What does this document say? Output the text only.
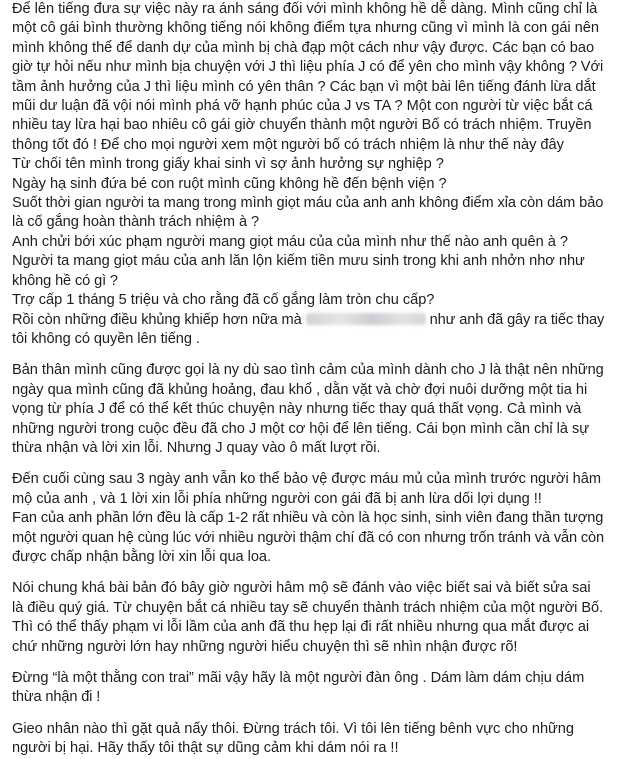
Để lên tiếng đưa sự việc này ra ánh sáng đối với mình không hề dễ dàng. Mình cũng chỉ là
một cô gái bình thường không tiếng nói không điểm tựa nhưng cũng vì mình là con gái nên
mình không thể để danh dự của mình bị chà đạp một cách như vậy được. Các bạn có bao
giờ tự hỏi nếu như mình bịa chuyện với J thì liệu phía J có để yên cho mình vậy không ? Với
tầm ảnh hưởng của J thì liệu mình có yên thân ? Các bạn vì một bài lên tiếng đánh lừa dắt
mũi dư luận đã vội nói mình phá vỡ hạnh phúc của J vs TA ? Một con người từ việc bắt cá
nhiều tay lừa hại bao nhiêu cô gái giờ chuyển thành một người Bố có trách nhiệm. Truyền
thông tốt đó ! Để cho mọi người xem một người bố có trách nhiệm là như thế này đây
Từ chối tên mình trong giấy khai sinh vì sợ ảnh hưởng sự nghiệp ?
Ngày hạ sinh đứa bé con ruột mình cũng không hề đến bệnh viện ?
Suốt thời gian người ta mang trong mình giọt máu của anh anh không điểm xỉa còn dám bảo
là cố gắng hoàn thành trách nhiệm à ?
Anh chửi bới xúc phạm người mang giọt máu của của mình như thế nào anh quên à ?
Người ta mang giọt máu của anh lăn lộn kiếm tiền mưu sinh trong khi anh nhởn nhơ như
không hề có gì ?
Trợ cấp 1 tháng 5 triệu và cho rằng đã cố gắng làm tròn chu cấp?
Rồi còn những điều khủng khiếp hơn nữa mà	như anh đã gây ra tiếc thay
tôi không có quyền lên tiếng .
Bản thân mình cũng được gọi là ny dù sao tình cảm của mình dành cho J là thật nên những
ngày qua mình cũng đã khủng hoảng, đau khổ , dằn vặt và chờ đợi nuôi dưỡng một tia hi
vọng từ phía J để có thể kết thúc chuyện này nhưng tiếc thay quá thất vọng. Cả mình và
những người trong cuộc đều đã cho J một cơ hội để lên tiếng. Cái bọn mình cần chỉ là sự
thừa nhận và lời xin lỗi. Nhưng J quay vào ô mất lượt rồi.
Đến cuối cùng sau 3 ngày anh vẫn ko thể bảo vệ được máu mủ của mình trước người hâm
mộ của anh , và 1 lời xin lỗi phía những người con gái đã bị anh lừa dối lợi dụng !!
Fan của anh phần lớn đều là cấp 1-2 rất nhiều và còn là học sinh, sinh viên đang thần tượng
một người quan hệ cùng lúc với nhiều người thậm chí đã có con nhưng trốn tránh và vẫn còn
được chấp nhận bằng lời xin lỗi qua loa.
Nói chung khá bài bản đó bây giờ người hâm mộ sẽ đánh vào việc biết sai và biết sửa sai
là điều quý giá. Từ chuyện bắt cá nhiều tay sẽ chuyển thành trách nhiệm của một người Bố.
Thì có thể thấy phạm vi lỗi lầm của anh đã thu hẹp lại đi rất nhiều nhưng qua mắt được ai
chứ những người lớn hay những người hiểu chuyện thì sẽ nhìn nhận được rõ!
Đừng “là một thằng con trai” mãi vậy hãy là một người đàn ông . Dám làm dám chịu dám
thừa nhận đi !
Gieo nhân nào thì gặt quả nấy thôi. Đừng trách tôi. Vì tôi lên tiếng bênh vực cho những
người bị hại. Hãy thấy tôi thật sự dũng cảm khi dám nói ra !!
